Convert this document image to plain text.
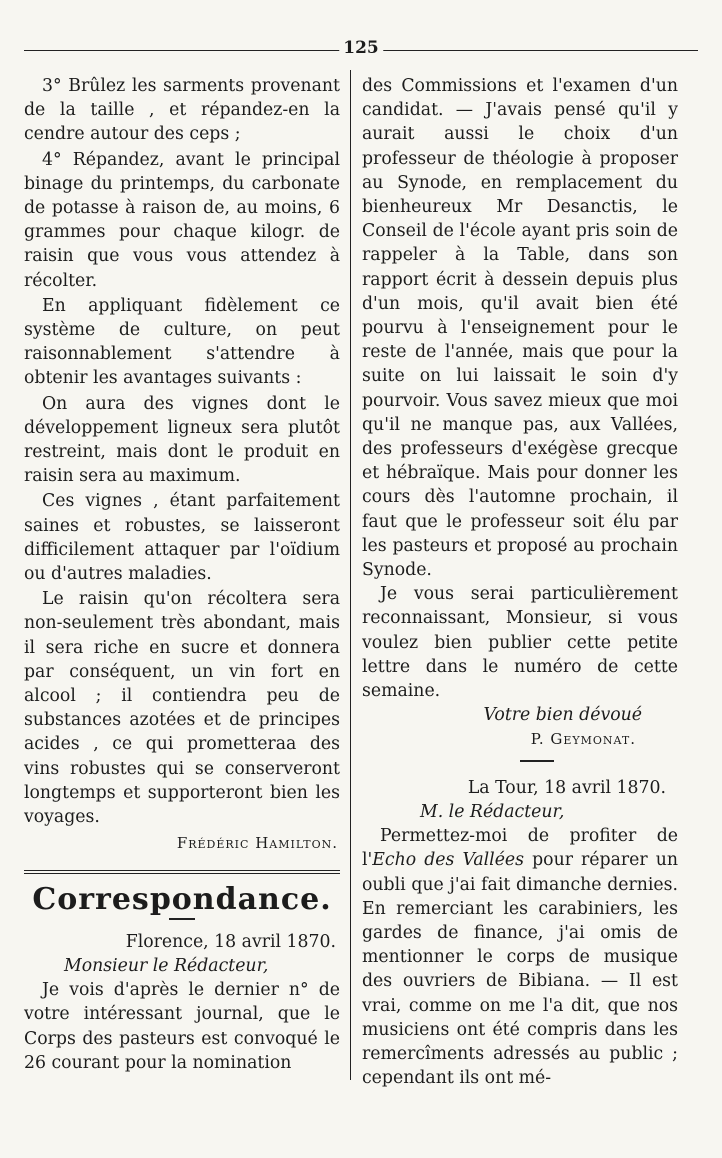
125

3° Brûlez les sarments provenant de la taille , et répandez-en la cendre autour des ceps ;

4° Répandez, avant le principal binage du printemps, du carbonate de potasse à raison de, au moins, 6 grammes pour chaque kilogr. de raisin que vous vous attendez à récolter.

En appliquant fidèlement ce système de culture, on peut raisonnablement s'attendre à obtenir les avantages suivants :

On aura des vignes dont le développement ligneux sera plutôt restreint, mais dont le produit en raisin sera au maximum.

Ces vignes , étant parfaitement saines et robustes, se laisseront difficilement attaquer par l'oïdium ou d'autres maladies.

Le raisin qu'on récoltera sera non-seulement très abondant, mais il sera riche en sucre et donnera par conséquent, un vin fort en alcool ; il contiendra peu de substances azotées et de principes acides , ce qui prometteraa des vins robustes qui se conserveront longtemps et supporteront bien les voyages.

Frédéric Hamilton.
Correspondance.

Florence, 18 avril 1870.

Monsieur le Rédacteur,

Je vois d'après le dernier n° de votre intéressant journal, que le Corps des pasteurs est convoqué le 26 courant pour la nomination

des Commissions et l'examen d'un candidat. — J'avais pensé qu'il y aurait aussi le choix d'un professeur de théologie à proposer au Synode, en remplacement du bienheureux Mr Desanctis, le Conseil de l'école ayant pris soin de rappeler à la Table, dans son rapport écrit à dessein depuis plus d'un mois, qu'il avait bien été pourvu à l'enseignement pour le reste de l'année, mais que pour la suite on lui laissait le soin d'y pourvoir. Vous savez mieux que moi qu'il ne manque pas, aux Vallées, des professeurs d'exégèse grecque et hébraïque. Mais pour donner les cours dès l'automne prochain, il faut que le professeur soit élu par les pasteurs et proposé au prochain Synode.

Je vous serai particulièrement reconnaissant, Monsieur, si vous voulez bien publier cette petite lettre dans le numéro de cette semaine.

Votre bien dévoué

P. Geymonat.

La Tour, 18 avril 1870.

M. le Rédacteur,

Permettez-moi de profiter de l'Echo des Vallées pour réparer un oubli que j'ai fait dimanche dernies. En remerciant les carabiniers, les gardes de finance, j'ai omis de mentionner le corps de musique des ouvriers de Bibiana. — Il est vrai, comme on me l'a dit, que nos musiciens ont été compris dans les remercîments adressés au public ; cependant ils ont mé-
